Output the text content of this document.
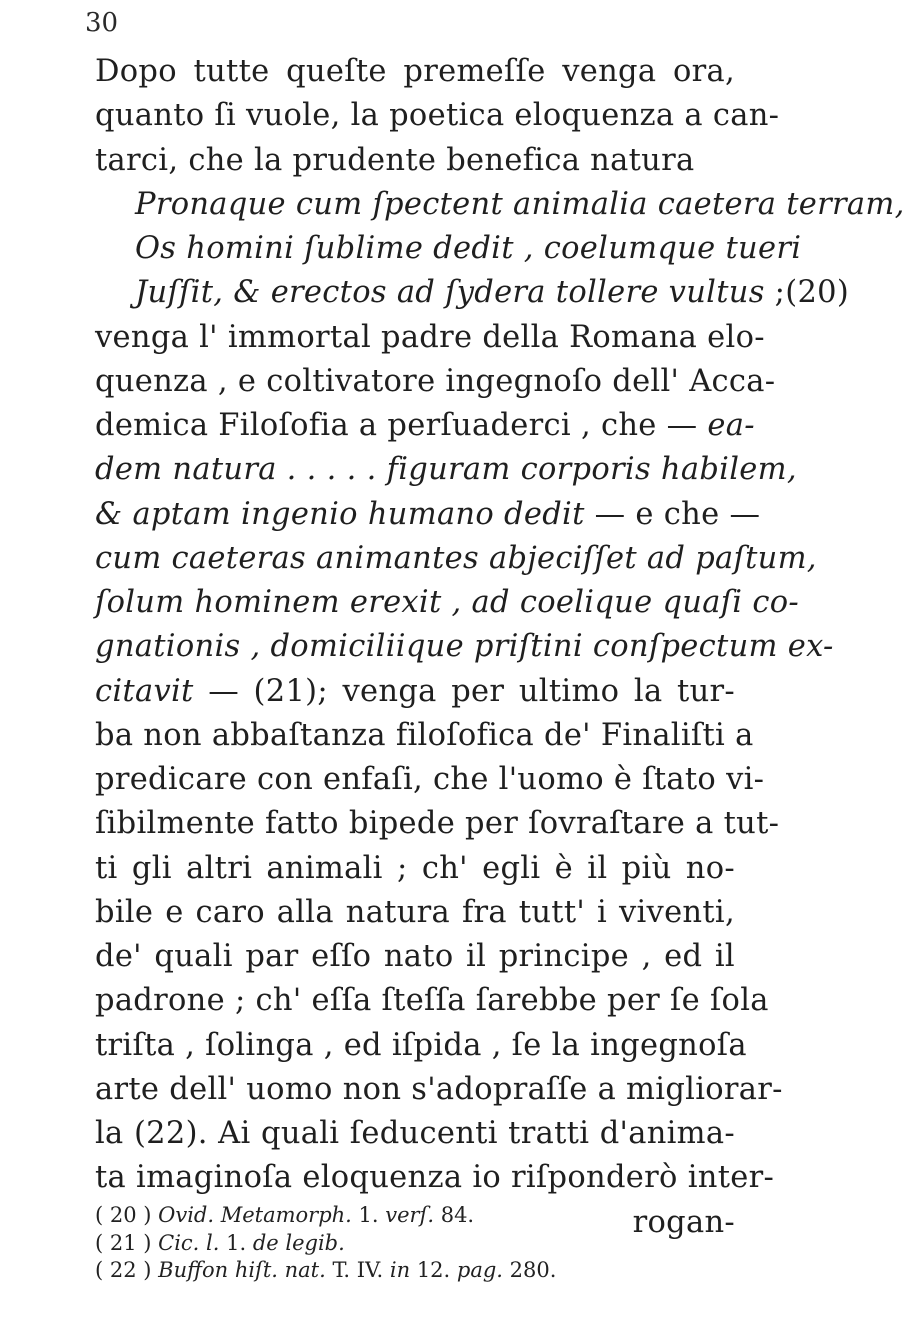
30
Dopo tutte queſte premeſſe venga ora,
quanto ſi vuole, la poetica eloquenza a can-
tarci, che la prudente benefica natura
Pronaque cum ſpectent animalia caetera terram,
Os homini ſublime dedit , coelumque tueri
Juſſit, & erectos ad ſydera tollere vultus ;(20)
venga l' immortal padre della Romana elo-
quenza , e coltivatore ingegnoſo dell' Acca-
demica Filoſofia a perſuaderci , che — ea-
dem natura . . . . . figuram corporis habilem,
& aptam ingenio humano dedit — e che —
cum caeteras animantes abjeciſſet ad paſtum,
ſolum hominem erexit , ad coelique quaſi co-
gnationis , domiciliique priſtini conſpectum ex-
citavit — (21); venga per ultimo la tur-
ba non abbaſtanza filoſofica de' Finaliſti a
predicare con enfaſi, che l'uomo è ſtato vi-
ſibilmente fatto bipede per ſovraſtare a tut-
ti gli altri animali ; ch' egli è il più no-
bile e caro alla natura fra tutt' i viventi,
de' quali par eſſo nato il principe , ed il
padrone ; ch' eſſa ſteſſa ſarebbe per ſe ſola
triſta , ſolinga , ed iſpida , ſe la ingegnoſa
arte dell' uomo non s'adopraſſe a migliorar-
la (22). Ai quali ſeducenti tratti d'anima-
ta imaginoſa eloquenza io riſponderò inter-
rogan-
( 20 ) Ovid. Metamorph. 1. verſ. 84.
( 21 ) Cic. l. 1. de legib.
( 22 ) Buffon hiſt. nat. T. IV. in 12. pag. 280.
